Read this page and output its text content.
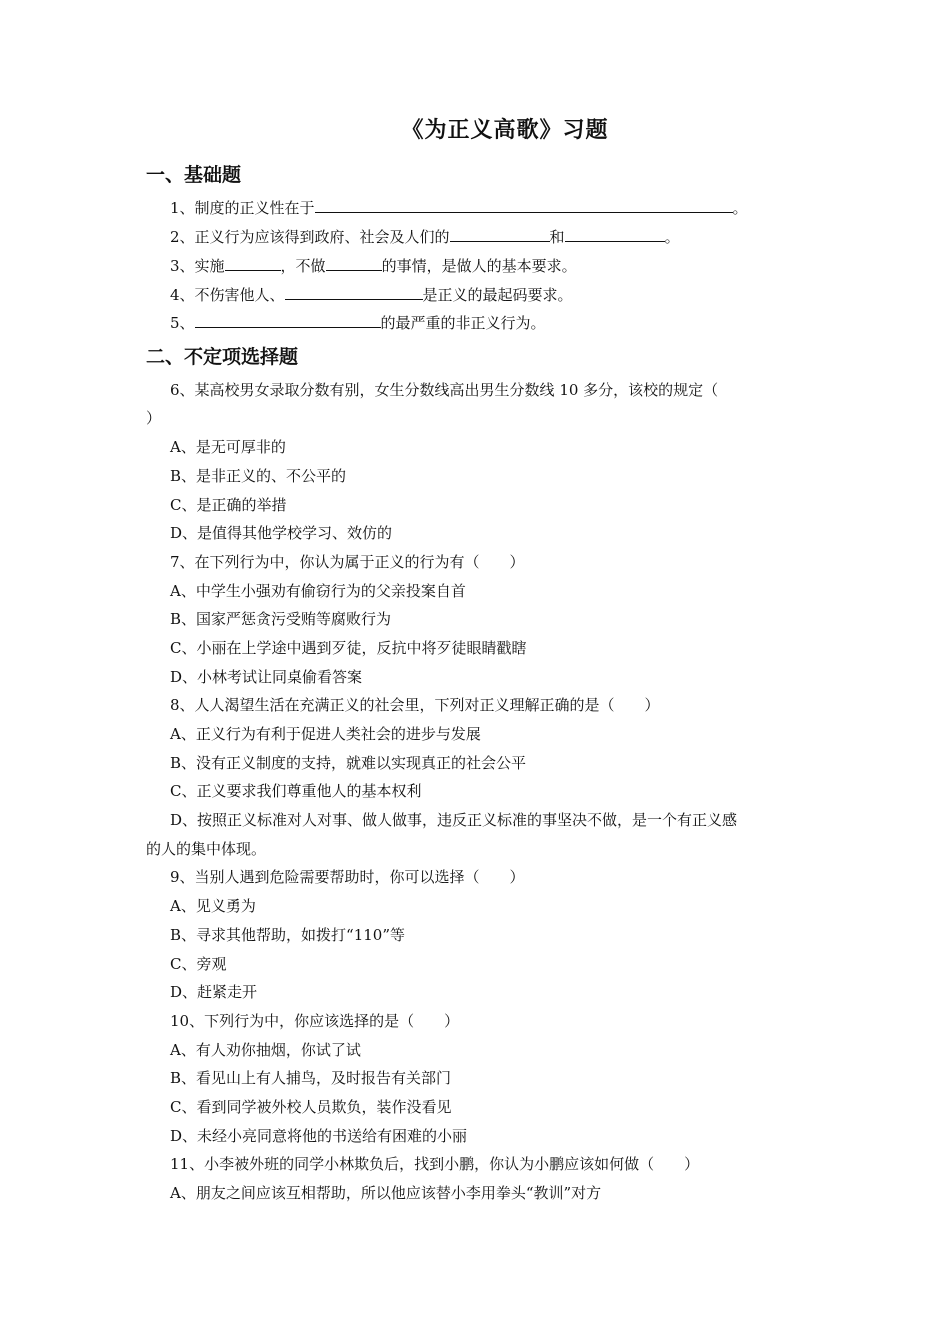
《为正义高歌》习题
一、基础题
1、制度的正义性在于	。
2、正义行为应该得到政府、社会及人们的	和	。
3、实施	，不做	的事情，是做人的基本要求。
4、不伤害他人、	是正义的最起码要求。
5、	的最严重的非正义行为。
二、不定项选择题
6、某高校男女录取分数有别，女生分数线高出男生分数线 10 多分，该校的规定（
）
A、是无可厚非的
B、是非正义的、不公平的
C、是正确的举措
D、是值得其他学校学习、效仿的
7、在下列行为中，你认为属于正义的行为有（　　）
A、中学生小强劝有偷窃行为的父亲投案自首
B、国家严惩贪污受贿等腐败行为
C、小丽在上学途中遇到歹徒，反抗中将歹徒眼睛戳瞎
D、小林考试让同桌偷看答案
8、人人渴望生活在充满正义的社会里，下列对正义理解正确的是（　　）
A、正义行为有利于促进人类社会的进步与发展
B、没有正义制度的支持，就难以实现真正的社会公平
C、正义要求我们尊重他人的基本权利
D、按照正义标准对人对事、做人做事，违反正义标准的事坚决不做，是一个有正义感
的人的集中体现。
9、当别人遇到危险需要帮助时，你可以选择（　　）
A、见义勇为
B、寻求其他帮助，如拨打“110”等
C、旁观
D、赶紧走开
10、下列行为中，你应该选择的是（　　）
A、有人劝你抽烟，你试了试
B、看见山上有人捕鸟，及时报告有关部门
C、看到同学被外校人员欺负，装作没看见
D、未经小亮同意将他的书送给有困难的小丽
11、小李被外班的同学小林欺负后，找到小鹏，你认为小鹏应该如何做（　　）
A、朋友之间应该互相帮助，所以他应该替小李用拳头“教训”对方
